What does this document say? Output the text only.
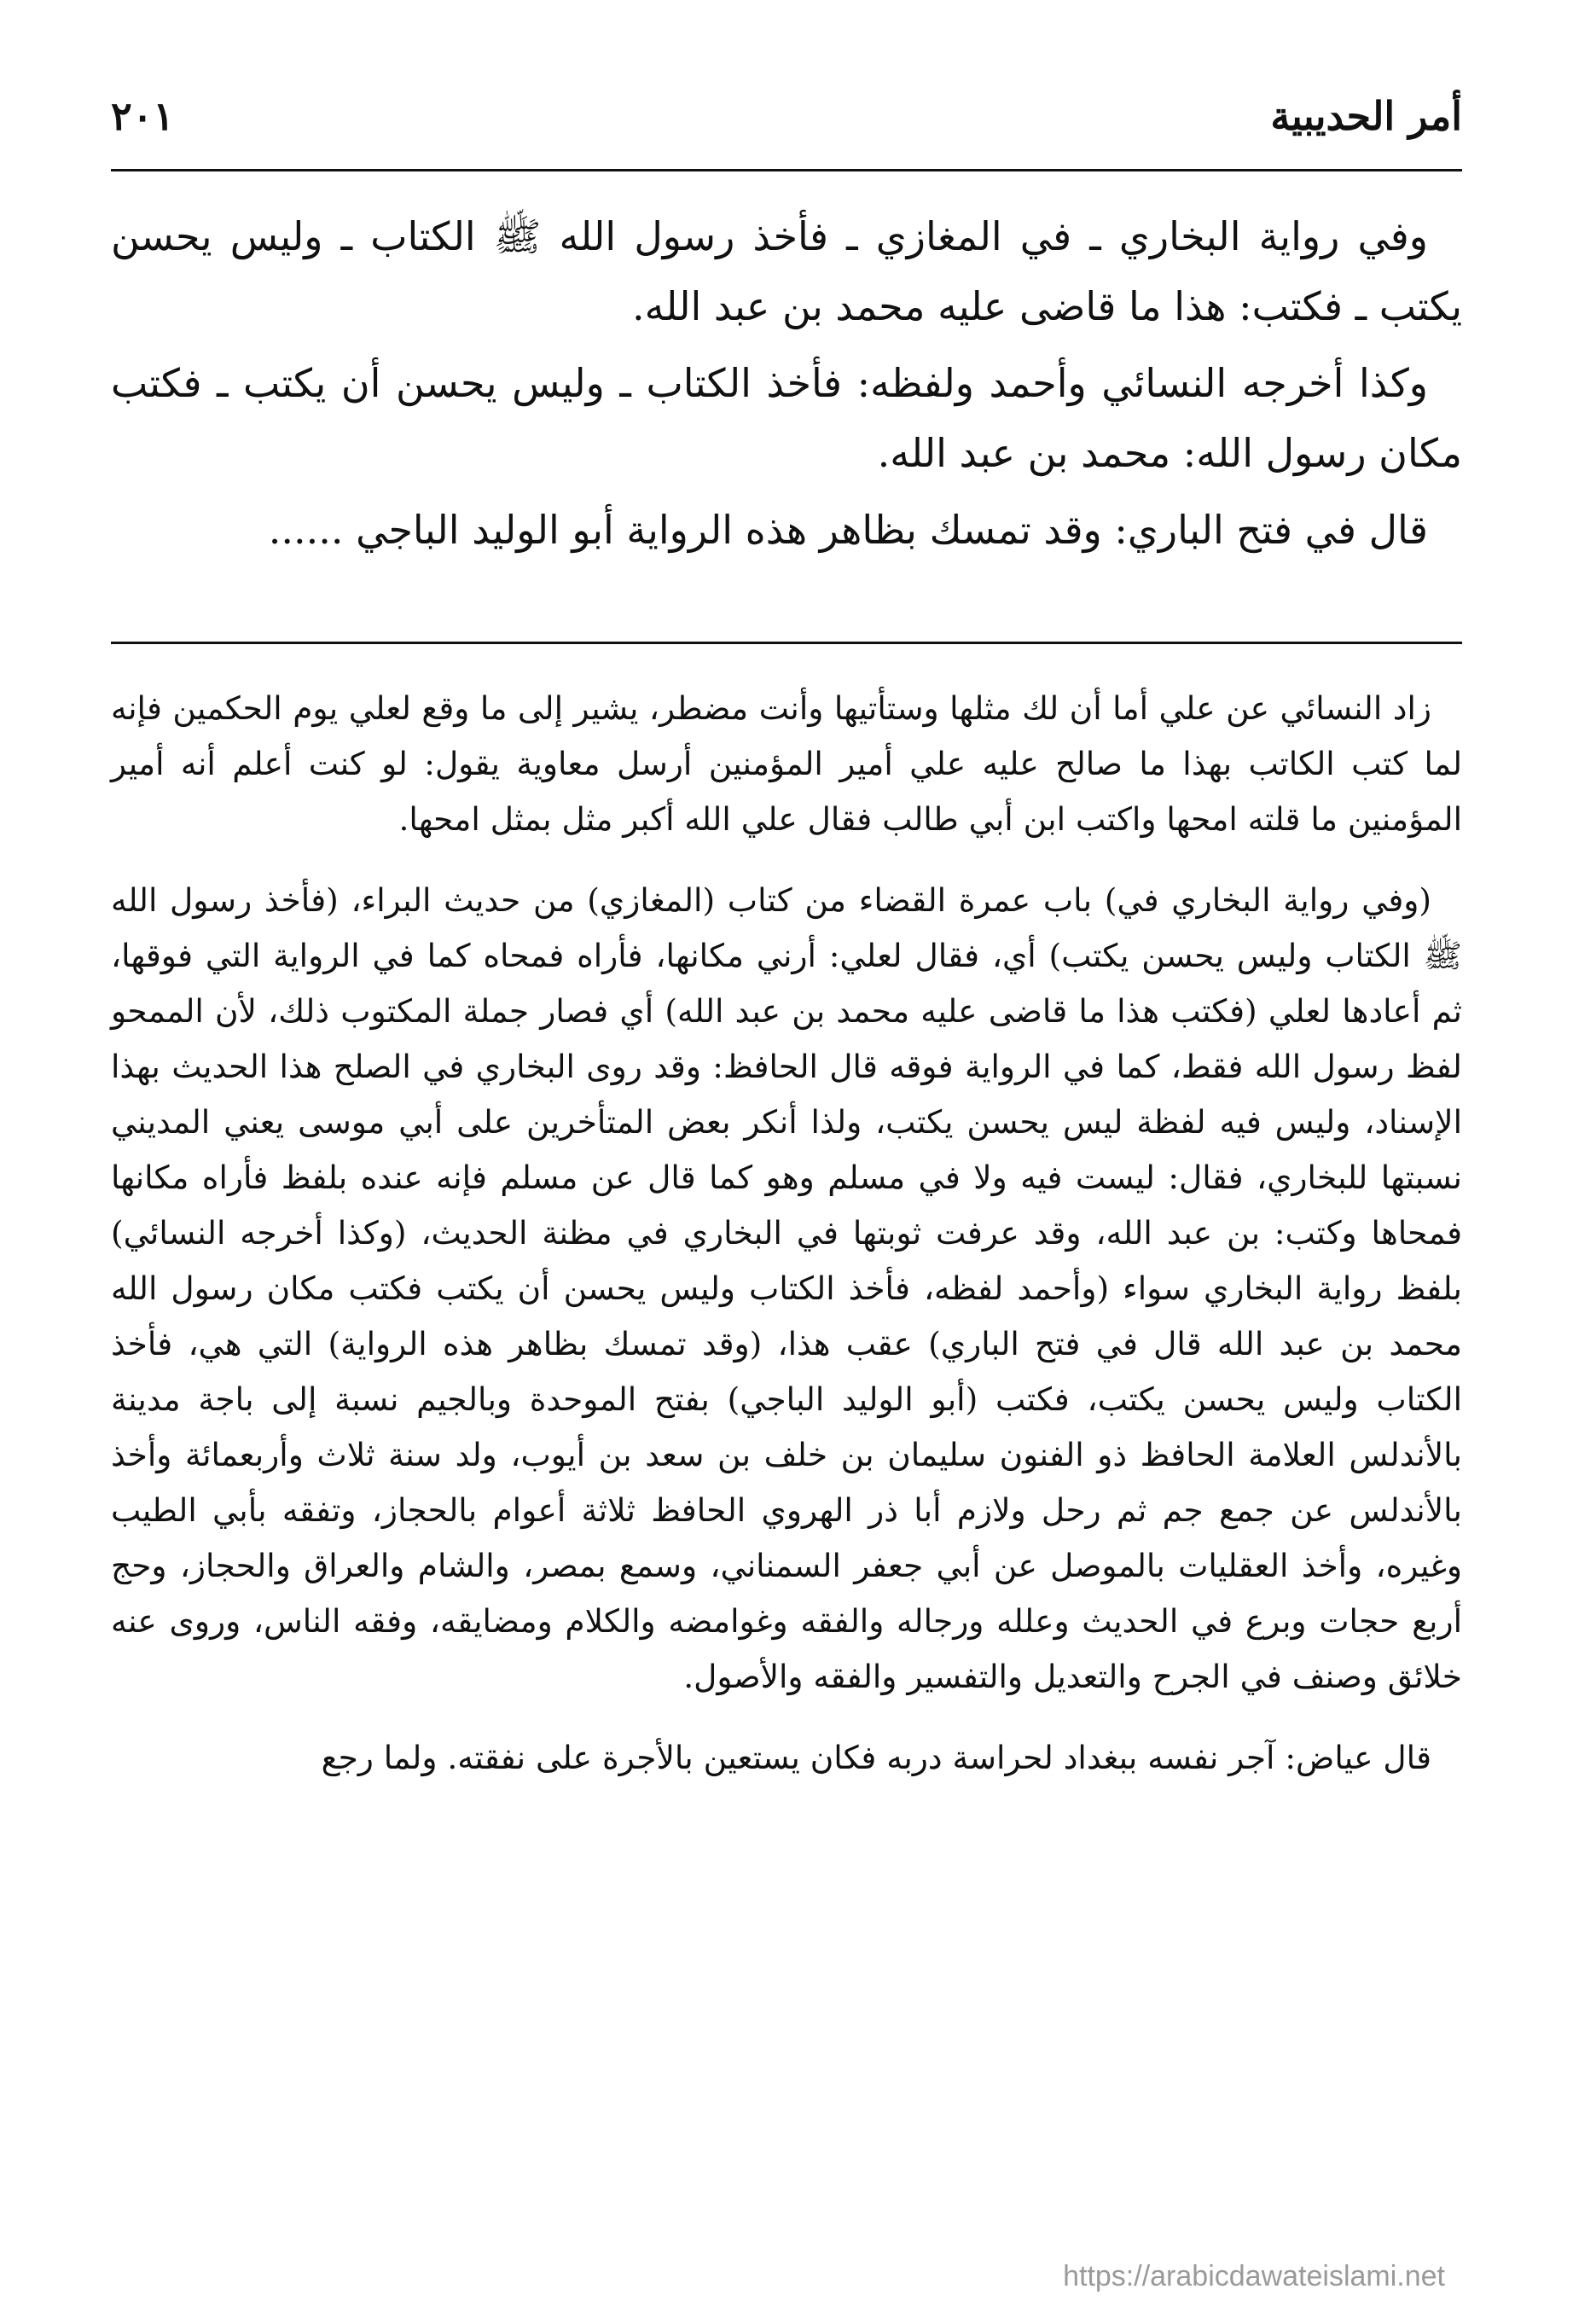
أمر الحديبية
٢٠١

وفي رواية البخاري ـ في المغازي ـ فأخذ رسول الله ﷺ الكتاب ـ وليس يحسن يكتب ـ فكتب: هذا ما قاضى عليه محمد بن عبد الله.

وكذا أخرجه النسائي وأحمد ولفظه: فأخذ الكتاب ـ وليس يحسن أن يكتب ـ فكتب مكان رسول الله: محمد بن عبد الله.

قال في فتح الباري: وقد تمسك بظاهر هذه الرواية أبو الوليد الباجي ......

زاد النسائي عن علي أما أن لك مثلها وستأتيها وأنت مضطر، يشير إلى ما وقع لعلي يوم الحكمين فإنه لما كتب الكاتب بهذا ما صالح عليه علي أمير المؤمنين أرسل معاوية يقول: لو كنت أعلم أنه أمير المؤمنين ما قلته امحها واكتب ابن أبي طالب فقال علي الله أكبر مثل بمثل امحها.

(وفي رواية البخاري في) باب عمرة القضاء من كتاب (المغازي) من حديث البراء، (فأخذ رسول الله ﷺ الكتاب وليس يحسن يكتب) أي، فقال لعلي: أرني مكانها، فأراه فمحاه كما في الرواية التي فوقها، ثم أعادها لعلي (فكتب هذا ما قاضى عليه محمد بن عبد الله) أي فصار جملة المكتوب ذلك، لأن الممحو لفظ رسول الله فقط، كما في الرواية فوقه قال الحافظ: وقد روى البخاري في الصلح هذا الحديث بهذا الإسناد، وليس فيه لفظة ليس يحسن يكتب، ولذا أنكر بعض المتأخرين على أبي موسى يعني المديني نسبتها للبخاري، فقال: ليست فيه ولا في مسلم وهو كما قال عن مسلم فإنه عنده بلفظ فأراه مكانها فمحاها وكتب: بن عبد الله، وقد عرفت ثوبتها في البخاري في مظنة الحديث، (وكذا أخرجه النسائي) بلفظ رواية البخاري سواء (وأحمد لفظه، فأخذ الكتاب وليس يحسن أن يكتب فكتب مكان رسول الله محمد بن عبد الله قال في فتح الباري) عقب هذا، (وقد تمسك بظاهر هذه الرواية) التي هي، فأخذ الكتاب وليس يحسن يكتب، فكتب (أبو الوليد الباجي) بفتح الموحدة وبالجيم نسبة إلى باجة مدينة بالأندلس العلامة الحافظ ذو الفنون سليمان بن خلف بن سعد بن أيوب، ولد سنة ثلاث وأربعمائة وأخذ بالأندلس عن جمع جم ثم رحل ولازم أبا ذر الهروي الحافظ ثلاثة أعوام بالحجاز، وتفقه بأبي الطيب وغيره، وأخذ العقليات بالموصل عن أبي جعفر السمناني، وسمع بمصر، والشام والعراق والحجاز، وحج أربع حجات وبرع في الحديث وعلله ورجاله والفقه وغوامضه والكلام ومضايقه، وفقه الناس، وروى عنه خلائق وصنف في الجرح والتعديل والتفسير والفقه والأصول.

قال عياض: آجر نفسه ببغداد لحراسة دربه فكان يستعين بالأجرة على نفقته. ولما رجع

https://arabicdawateislami.net
